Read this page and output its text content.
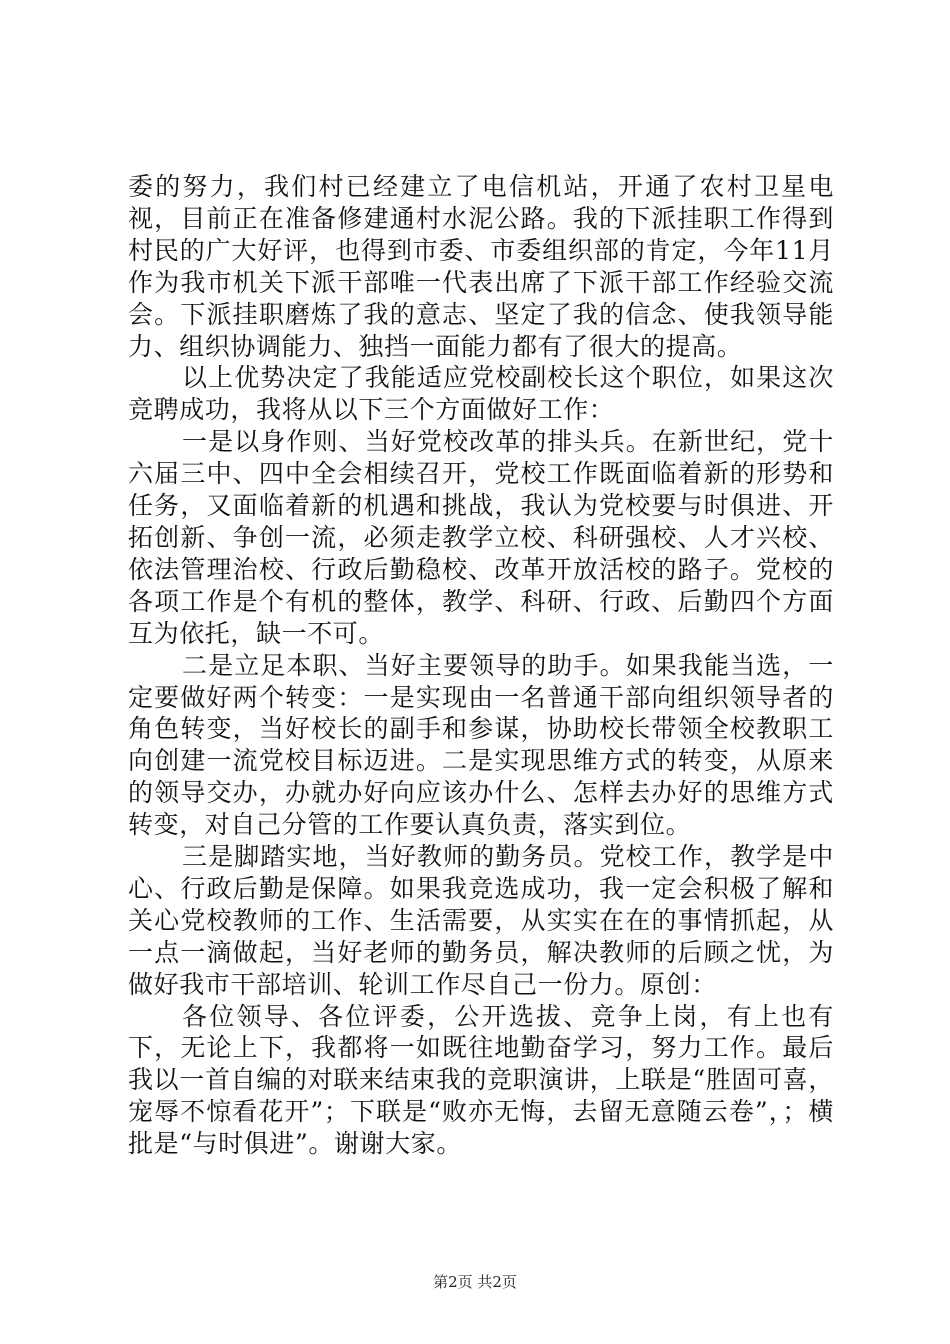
委的努力，我们村已经建立了电信机站，开通了农村卫星电视，目前正在准备修建通村水泥公路。我的下派挂职工作得到村民的广大好评，也得到市委、市委组织部的肯定，今年11月作为我市机关下派干部唯一代表出席了下派干部工作经验交流会。下派挂职磨炼了我的意志、坚定了我的信念、使我领导能力、组织协调能力、独挡一面能力都有了很大的提高。

以上优势决定了我能适应党校副校长这个职位，如果这次竞聘成功，我将从以下三个方面做好工作：

一是以身作则、当好党校改革的排头兵。在新世纪，党十六届三中、四中全会相续召开，党校工作既面临着新的形势和任务，又面临着新的机遇和挑战，我认为党校要与时俱进、开拓创新、争创一流，必须走教学立校、科研强校、人才兴校、依法管理治校、行政后勤稳校、改革开放活校的路子。党校的各项工作是个有机的整体，教学、科研、行政、后勤四个方面互为依托，缺一不可。

二是立足本职、当好主要领导的助手。如果我能当选，一定要做好两个转变：一是实现由一名普通干部向组织领导者的角色转变，当好校长的副手和参谋，协助校长带领全校教职工向创建一流党校目标迈进。二是实现思维方式的转变，从原来的领导交办，办就办好向应该办什么、怎样去办好的思维方式转变，对自己分管的工作要认真负责，落实到位。

三是脚踏实地，当好教师的勤务员。党校工作，教学是中心、行政后勤是保障。如果我竞选成功，我一定会积极了解和关心党校教师的工作、生活需要，从实实在在的事情抓起，从一点一滴做起，当好老师的勤务员，解决教师的后顾之忧，为做好我市干部培训、轮训工作尽自己一份力。原创：

各位领导、各位评委，公开选拔、竞争上岗，有上也有下，无论上下，我都将一如既往地勤奋学习，努力工作。最后我以一首自编的对联来结束我的竞职演讲，上联是“胜固可喜，宠辱不惊看花开”；下联是“败亦无悔，去留无意随云卷”，；横批是“与时俱进”。谢谢大家。

第2页 共2页
